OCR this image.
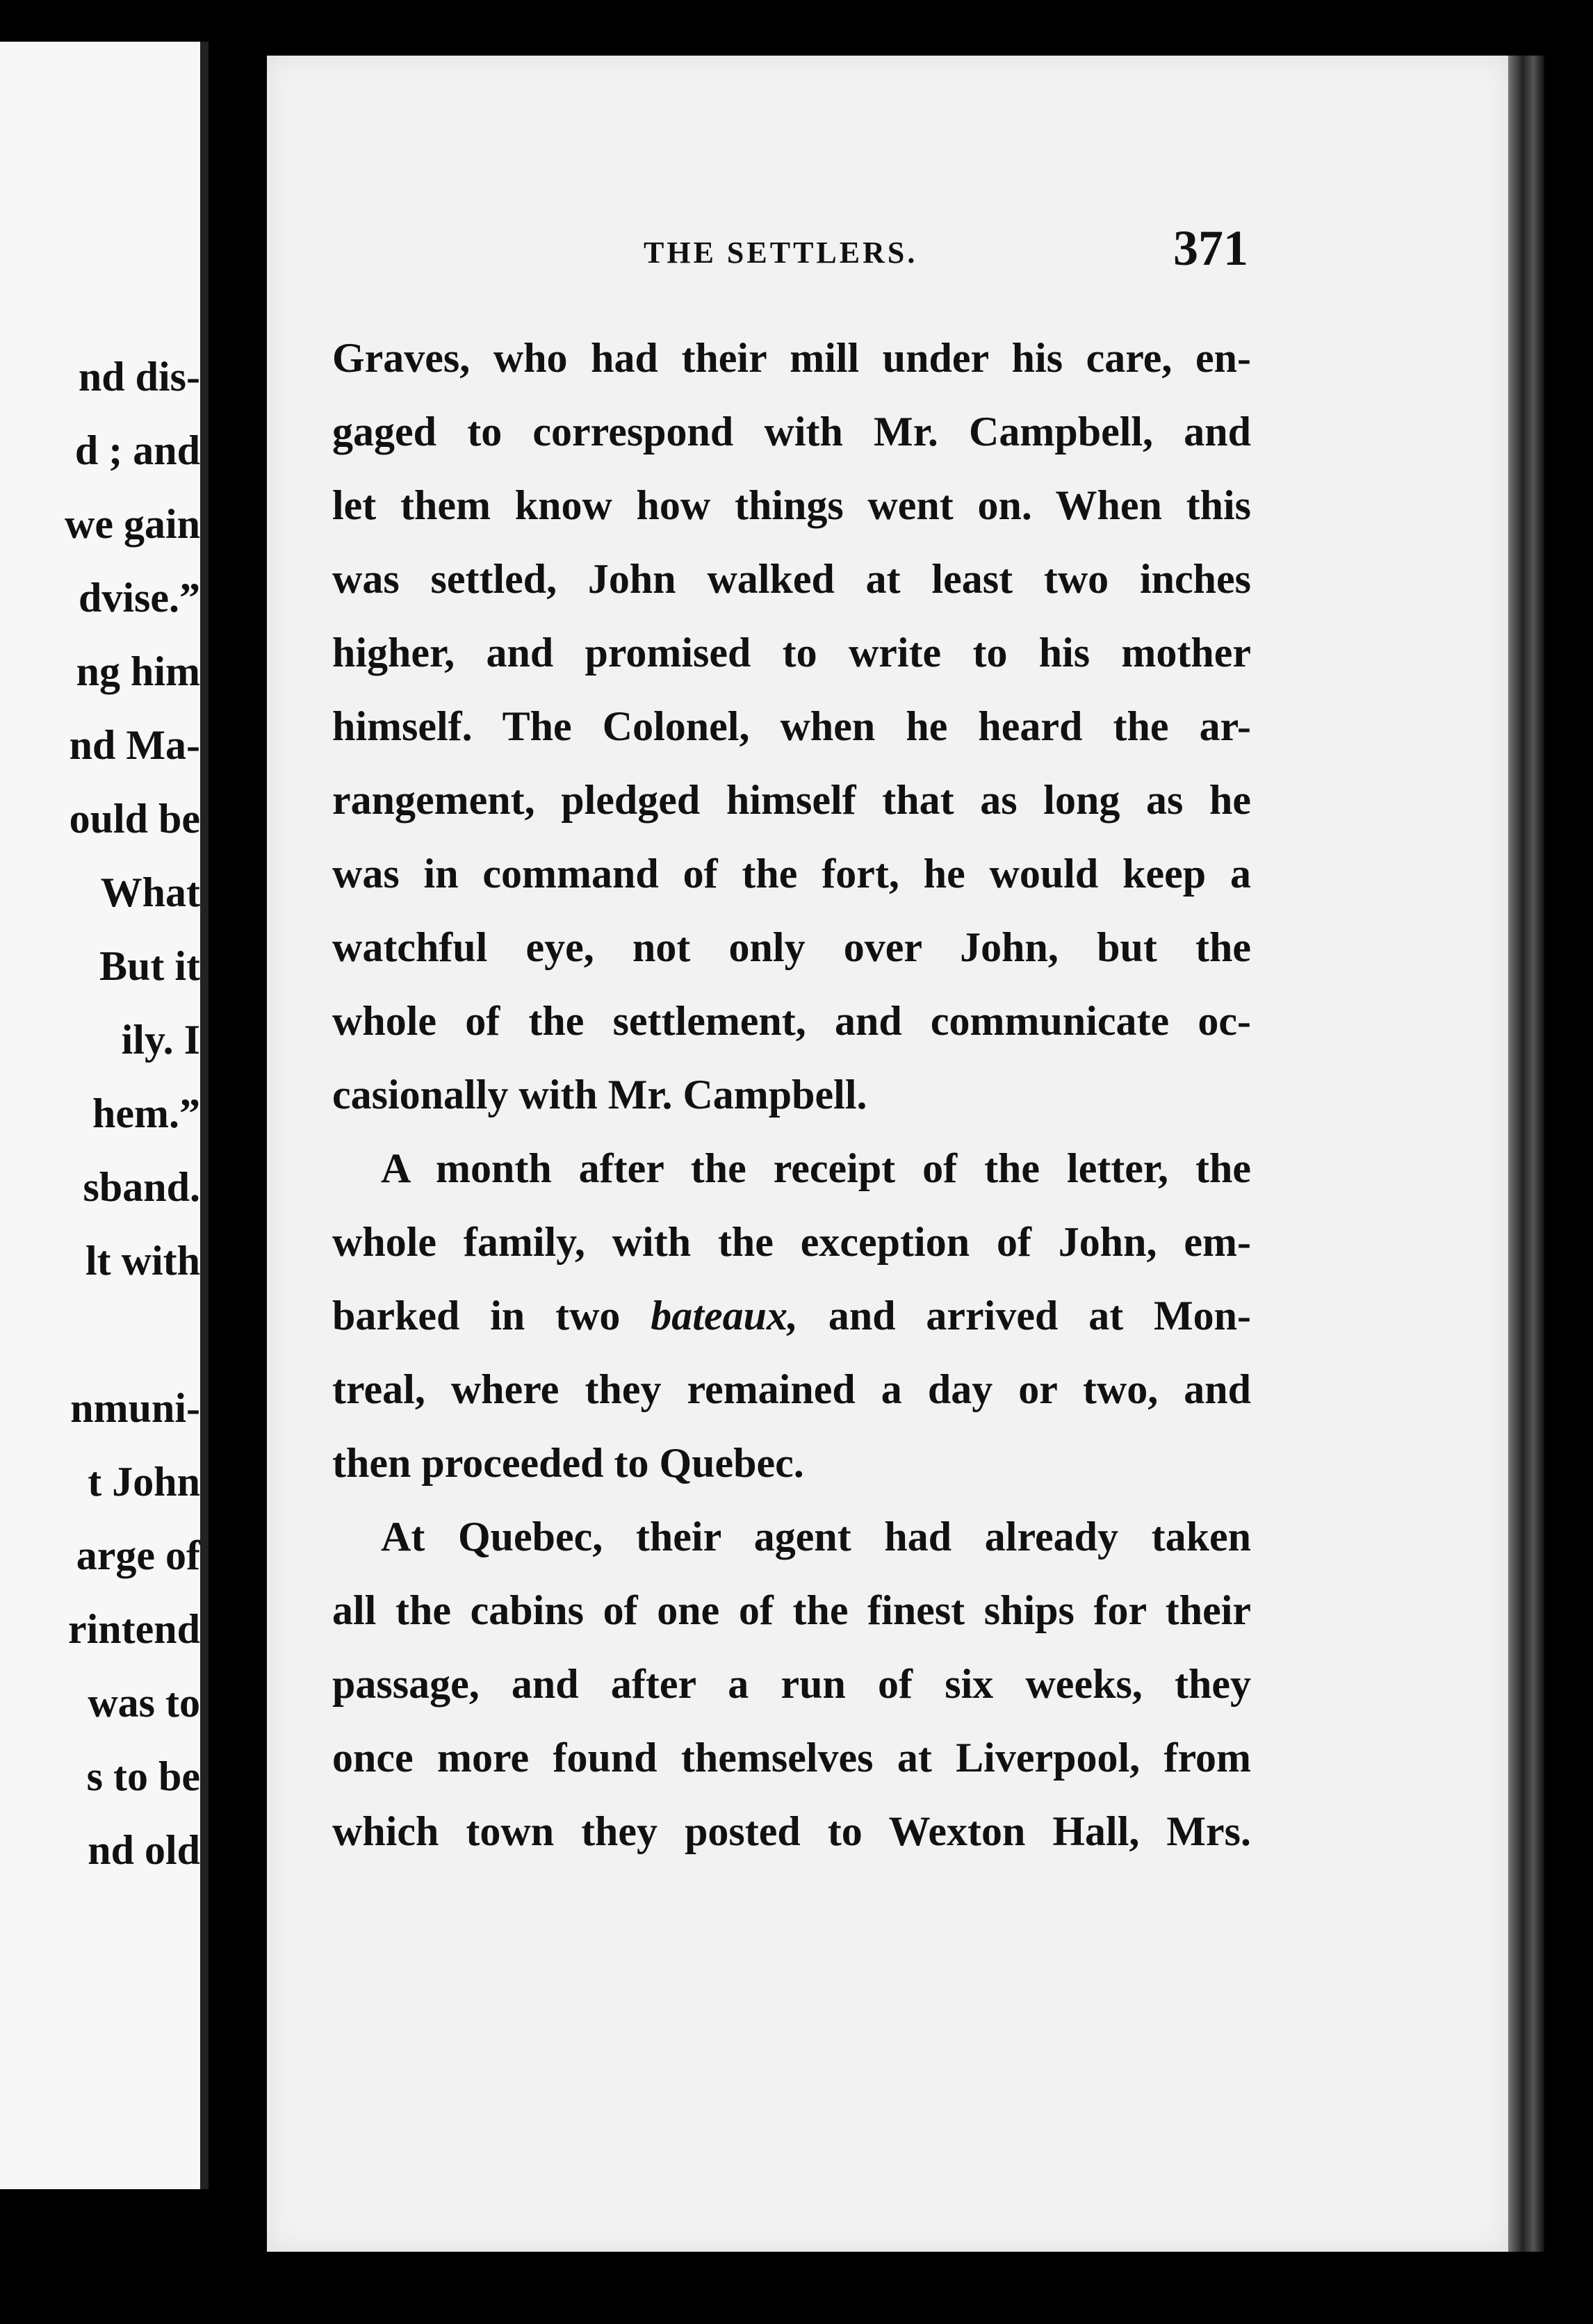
nd dis-
d ; and
we gain
dvise.”
ng him
nd Ma-
ould be
What
But it
ily. I
hem.”
sband.
lt with
nmuni-
t John
arge of
rintend
was to
s to be
nd old
THE SETTLERS.	371
Graves, who had their mill under his care, en-
gaged to correspond with Mr. Campbell, and
let them know how things went on. When this
was settled, John walked at least two inches
higher, and promised to write to his mother
himself. The Colonel, when he heard the ar-
rangement, pledged himself that as long as he
was in command of the fort, he would keep a
watchful eye, not only over John, but the
whole of the settlement, and communicate oc-
casionally with Mr. Campbell.
A month after the receipt of the letter, the
whole family, with the exception of John, em-
barked in two bateaux, and arrived at Mon-
treal, where they remained a day or two, and
then proceeded to Quebec.
At Quebec, their agent had already taken
all the cabins of one of the finest ships for their
passage, and after a run of six weeks, they
once more found themselves at Liverpool, from
which town they posted to Wexton Hall, Mrs.
